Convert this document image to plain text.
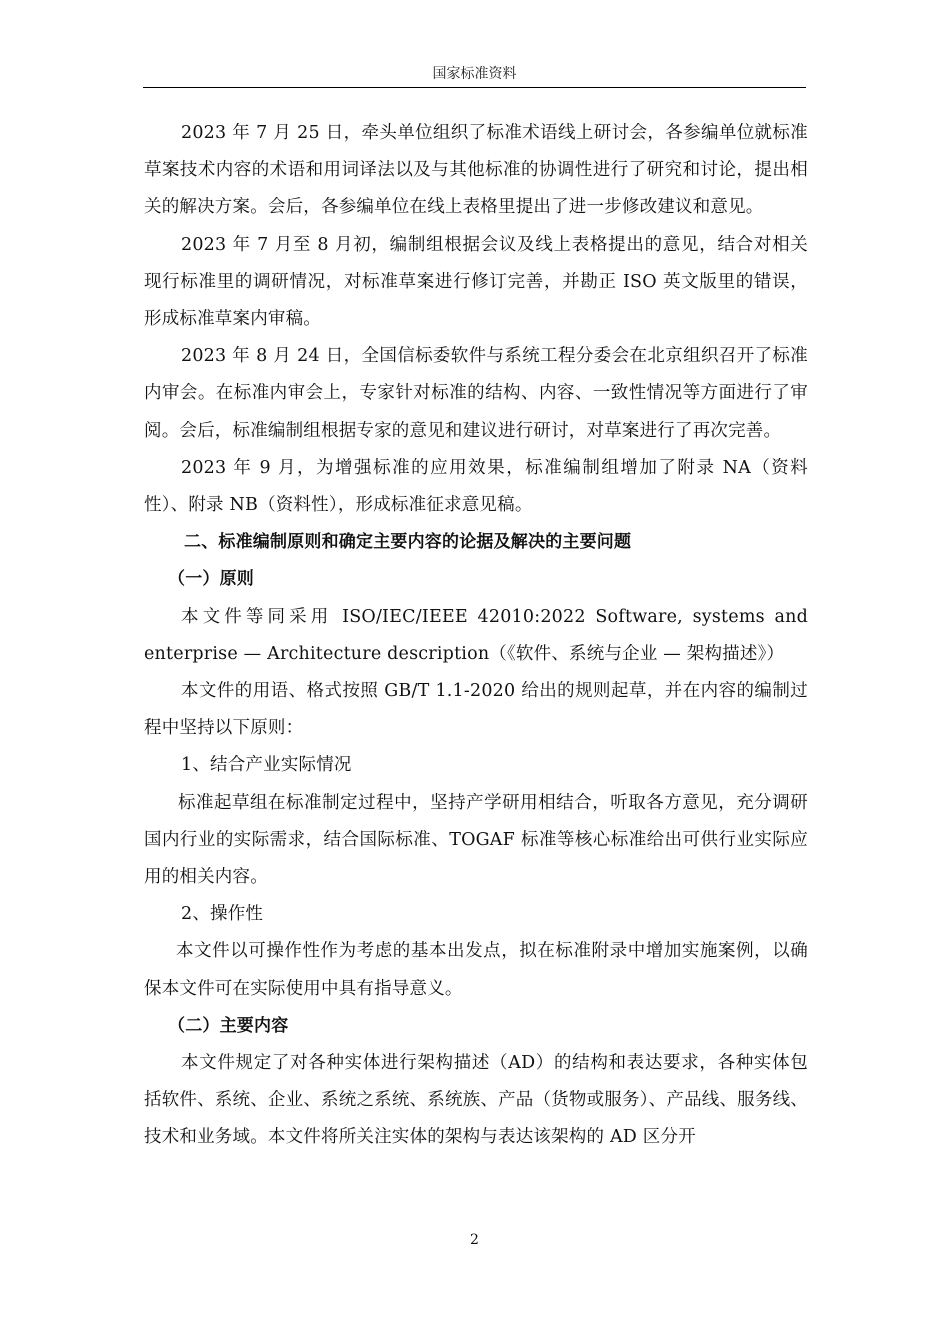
国家标准资料

2023 年 7 月 25 日，牵头单位组织了标准术语线上研讨会，各参编单位就标准草案技术内容的术语和用词译法以及与其他标准的协调性进行了研究和讨论，提出相关的解决方案。会后，各参编单位在线上表格里提出了进一步修改建议和意见。

2023 年 7 月至 8 月初，编制组根据会议及线上表格提出的意见，结合对相关现行标准里的调研情况，对标准草案进行修订完善，并勘正 ISO 英文版里的错误，形成标准草案内审稿。

2023 年 8 月 24 日，全国信标委软件与系统工程分委会在北京组织召开了标准内审会。在标准内审会上，专家针对标准的结构、内容、一致性情况等方面进行了审阅。会后，标准编制组根据专家的意见和建议进行研讨，对草案进行了再次完善。

2023 年 9 月，为增强标准的应用效果，标准编制组增加了附录 NA（资料性）、附录 NB（资料性），形成标准征求意见稿。

二、标准编制原则和确定主要内容的论据及解决的主要问题

（一）原则

本文件等同采用 ISO/IEC/IEEE 42010:2022 Software, systems and enterprise — Architecture description（《软件、系统与企业 — 架构描述》）

本文件的用语、格式按照 GB/T 1.1-2020 给出的规则起草，并在内容的编制过程中坚持以下原则：

1、结合产业实际情况

标准起草组在标准制定过程中，坚持产学研用相结合，听取各方意见，充分调研国内行业的实际需求，结合国际标准、TOGAF 标准等核心标准给出可供行业实际应用的相关内容。

2、操作性

本文件以可操作性作为考虑的基本出发点，拟在标准附录中增加实施案例，以确保本文件可在实际使用中具有指导意义。

（二）主要内容

本文件规定了对各种实体进行架构描述（AD）的结构和表达要求，各种实体包括软件、系统、企业、系统之系统、系统族、产品（货物或服务）、产品线、服务线、技术和业务域。本文件将所关注实体的架构与表达该架构的 AD 区分开

2
